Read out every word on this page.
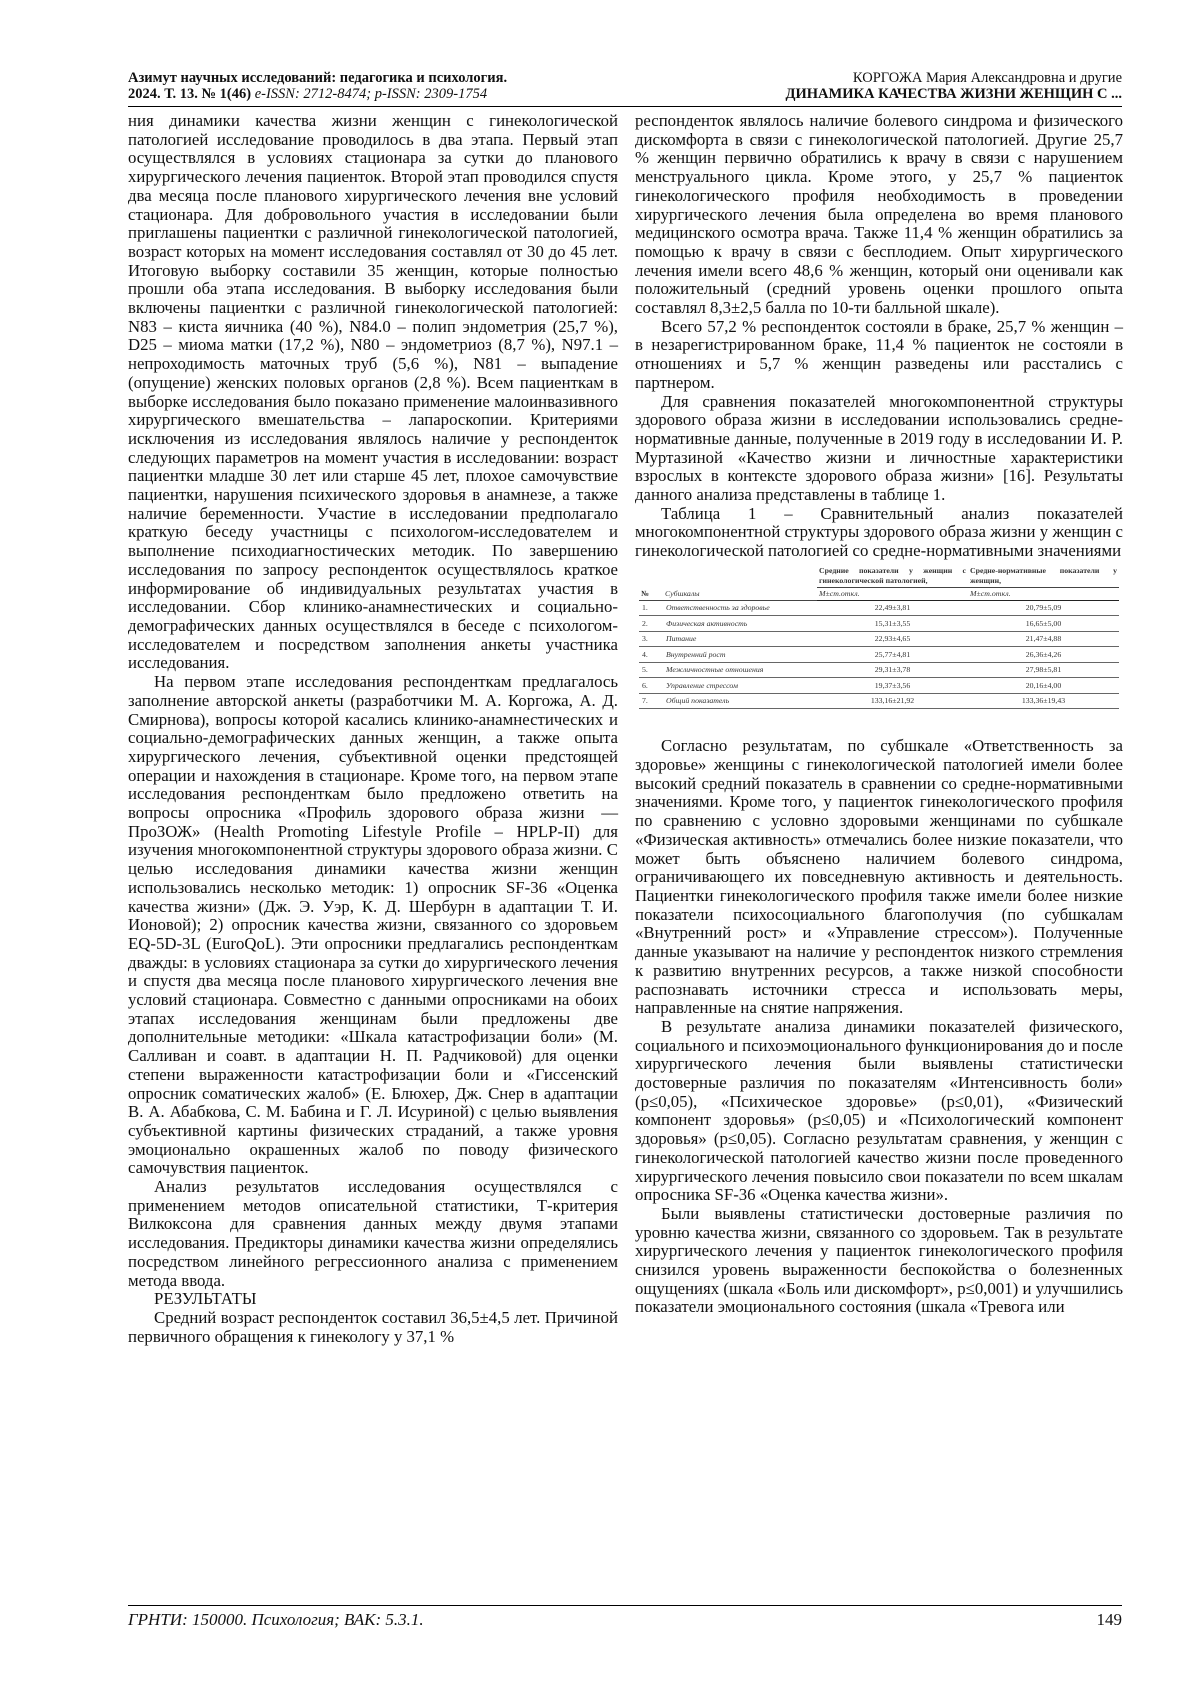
Азимут научных исследований: педагогика и психология.
2024. Т. 13. № 1(46) e-ISSN: 2712-8474; p-ISSN: 2309-1754
КОРГОЖА Мария Александровна и другие
ДИНАМИКА КАЧЕСТВА ЖИЗНИ ЖЕНЩИН С ...

ния динамики качества жизни женщин с гинекологической патологией исследование проводилось в два этапа. Первый этап осуществлялся в условиях стационара за сутки до планового хирургического лечения пациенток. Второй этап проводился спустя два месяца после планового хирургического лечения вне условий стационара. Для добровольного участия в исследовании были приглашены пациентки с различной гинекологической патологией, возраст которых на момент исследования составлял от 30 до 45 лет. Итоговую выборку составили 35 женщин, которые полностью прошли оба этапа исследования. В выборку исследования были включены пациентки с различной гинекологической патологией: N83 – киста яичника (40 %), N84.0 – полип эндометрия (25,7 %), D25 – миома матки (17,2 %), N80 – эндометриоз (8,7 %), N97.1 – непроходимость маточных труб (5,6 %), N81 – выпадение (опущение) женских половых органов (2,8 %). Всем пациенткам в выборке исследования было показано применение малоинвазивного хирургического вмешательства – лапароскопии. Критериями исключения из исследования являлось наличие у респонденток следующих параметров на момент участия в исследовании: возраст пациентки младше 30 лет или старше 45 лет, плохое самочувствие пациентки, нарушения психического здоровья в анамнезе, а также наличие беременности. Участие в исследовании предполагало краткую беседу участницы с психологом-исследователем и выполнение психодиагностических методик. По завершению исследования по запросу респонденток осуществлялось краткое информирование об индивидуальных результатах участия в исследовании. Сбор клинико-анамнестических и социально-демографических данных осуществлялся в беседе с психологом-исследователем и посредством заполнения анкеты участника исследования.

На первом этапе исследования респонденткам предлагалось заполнение авторской анкеты (разработчики М. А. Коргожа, А. Д. Смирнова), вопросы которой касались клинико-анамнестических и социально-демографических данных женщин, а также опыта хирургического лечения, субъективной оценки предстоящей операции и нахождения в стационаре. Кроме того, на первом этапе исследования респонденткам было предложено ответить на вопросы опросника «Профиль здорового образа жизни — ПроЗОЖ» (Health Promoting Lifestyle Profile – HPLP-II) для изучения многокомпонентной структуры здорового образа жизни. С целью исследования динамики качества жизни женщин использовались несколько методик: 1) опросник SF-36 «Оценка качества жизни» (Дж. Э. Уэр, К. Д. Шербурн в адаптации Т. И. Ионовой); 2) опросник качества жизни, связанного со здоровьем EQ-5D-3L (EuroQoL). Эти опросники предлагались респонденткам дважды: в условиях стационара за сутки до хирургического лечения и спустя два месяца после планового хирургического лечения вне условий стационара. Совместно с данными опросниками на обоих этапах исследования женщинам были предложены две дополнительные методики: «Шкала катастрофизации боли» (М. Салливан и соавт. в адаптации Н. П. Радчиковой) для оценки степени выраженности катастрофизации боли и «Гиссенский опросник соматических жалоб» (Е. Блюхер, Дж. Снер в адаптации В. А. Абабкова, С. М. Бабина и Г. Л. Исуриной) с целью выявления субъективной картины физических страданий, а также уровня эмоционально окрашенных жалоб по поводу физического самочувствия пациенток.

Анализ результатов исследования осуществлялся с применением методов описательной статистики, Т-критерия Вилкоксона для сравнения данных между двумя этапами исследования. Предикторы динамики качества жизни определялись посредством линейного регрессионного анализа с применением метода ввода.

РЕЗУЛЬТАТЫ

Средний возраст респонденток составил 36,5±4,5 лет. Причиной первичного обращения к гинекологу у 37,1 %

респонденток являлось наличие болевого синдрома и физического дискомфорта в связи с гинекологической патологией. Другие 25,7 % женщин первично обратились к врачу в связи с нарушением менструального цикла. Кроме этого, у 25,7 % пациенток гинекологического профиля необходимость в проведении хирургического лечения была определена во время планового медицинского осмотра врача. Также 11,4 % женщин обратились за помощью к врачу в связи с бесплодием. Опыт хирургического лечения имели всего 48,6 % женщин, который они оценивали как положительный (средний уровень оценки прошлого опыта составлял 8,3±2,5 балла по 10-ти балльной шкале).

Всего 57,2 % респонденток состояли в браке, 25,7 % женщин – в незарегистрированном браке, 11,4 % пациенток не состояли в отношениях и 5,7 % женщин разведены или расстались с партнером.

Для сравнения показателей многокомпонентной структуры здорового образа жизни в исследовании использовались средне-нормативные данные, полученные в 2019 году в исследовании И. Р. Муртазиной «Качество жизни и личностные характеристики взрослых в контексте здорового образа жизни» [16]. Результаты данного анализа представлены в таблице 1.

Таблица 1 – Сравнительный анализ показателей многокомпонентной структуры здорового образа жизни у женщин с гинекологической патологией со средне-нормативными значениями

№	Субшкалы	Средние показатели у женщин с гинекологической патологией,	Средне-нормативные показатели у женщин,
		M±ст.откл.	M±ст.откл.
1.	Ответственность за здоровье	22,49±3,81	20,79±5,09
2.	Физическая активность	15,31±3,55	16,65±5,00
3.	Питание	22,93±4,65	21,47±4,88
4.	Внутренний рост	25,77±4,81	26,36±4,26
5.	Межличностные отношения	29,31±3,78	27,98±5,81
6.	Управление стрессом	19,37±3,56	20,16±4,00
7.	Общий показатель	133,16±21,92	133,36±19,43

Согласно результатам, по субшкале «Ответственность за здоровье» женщины с гинекологической патологией имели более высокий средний показатель в сравнении со средне-нормативными значениями. Кроме того, у пациенток гинекологического профиля по сравнению с условно здоровыми женщинами по субшкале «Физическая активность» отмечались более низкие показатели, что может быть объяснено наличием болевого синдрома, ограничивающего их повседневную активность и деятельность. Пациентки гинекологического профиля также имели более низкие показатели психосоциального благополучия (по субшкалам «Внутренний рост» и «Управление стрессом»). Полученные данные указывают на наличие у респонденток низкого стремления к развитию внутренних ресурсов, а также низкой способности распознавать источники стресса и использовать меры, направленные на снятие напряжения.

В результате анализа динамики показателей физического, социального и психоэмоционального функционирования до и после хирургического лечения были выявлены статистически достоверные различия по показателям «Интенсивность боли» (p≤0,05), «Психическое здоровье» (p≤0,01), «Физический компонент здоровья» (p≤0,05) и «Психологический компонент здоровья» (p≤0,05). Согласно результатам сравнения, у женщин с гинекологической патологией качество жизни после проведенного хирургического лечения повысило свои показатели по всем шкалам опросника SF-36 «Оценка качества жизни».

Были выявлены статистически достоверные различия по уровню качества жизни, связанного со здоровьем. Так в результате хирургического лечения у пациенток гинекологического профиля снизился уровень выраженности беспокойства о болезненных ощущениях (шкала «Боль или дискомфорт», p≤0,001) и улучшились показатели эмоционального состояния (шкала «Тревога или

ГРНТИ: 150000. Психология; ВАК: 5.3.1.	149
